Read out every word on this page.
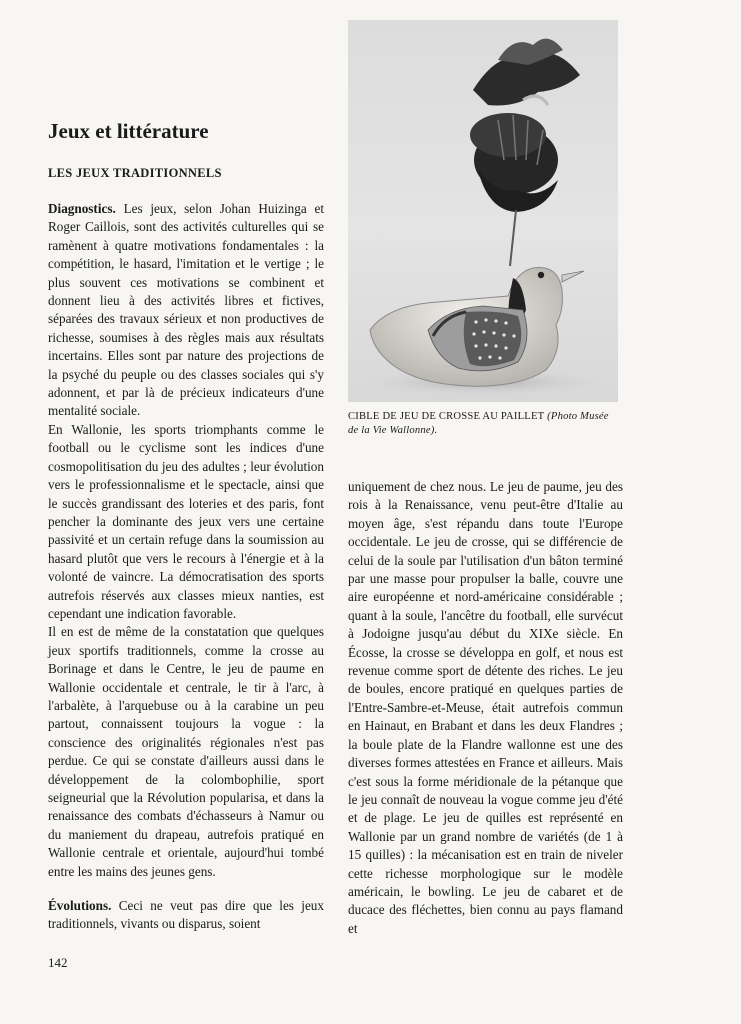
Jeux et littérature
LES JEUX TRADITIONNELS

Diagnostics. Les jeux, selon Johan Huizinga et Roger Caillois, sont des activités culturelles qui se ramènent à quatre motivations fondamentales : la compétition, le hasard, l'imitation et le vertige ; le plus souvent ces motivations se combinent et donnent lieu à des activités libres et fictives, séparées des travaux sérieux et non productives de richesse, soumises à des règles mais aux résultats incertains. Elles sont par nature des projections de la psyché du peuple ou des classes sociales qui s'y adonnent, et par là de précieux indicateurs d'une mentalité sociale.

En Wallonie, les sports triomphants comme le football ou le cyclisme sont les indices d'une cosmopolitisation du jeu des adultes ; leur évolution vers le professionnalisme et le spectacle, ainsi que le succès grandissant des loteries et des paris, font pencher la dominante des jeux vers une certaine passivité et un certain refuge dans la soumission au hasard plutôt que vers le recours à l'énergie et à la volonté de vaincre. La démocratisation des sports autrefois réservés aux classes mieux nanties, est cependant une indication favorable.

Il en est de même de la constatation que quelques jeux sportifs traditionnels, comme la crosse au Borinage et dans le Centre, le jeu de paume en Wallonie occidentale et centrale, le tir à l'arc, à l'arbalète, à l'arquebuse ou à la carabine un peu partout, connaissent toujours la vogue : la conscience des originalités régionales n'est pas perdue. Ce qui se constate d'ailleurs aussi dans le développement de la colombophilie, sport seigneurial que la Révolution popularisa, et dans la renaissance des combats d'échasseurs à Namur ou du maniement du drapeau, autrefois pratiqué en Wallonie centrale et orientale, aujourd'hui tombé entre les mains des jeunes gens.

Évolutions. Ceci ne veut pas dire que les jeux traditionnels, vivants ou disparus, soient

CIBLE DE JEU DE CROSSE AU PAILLET (Photo Musée de la Vie Wallonne).

uniquement de chez nous. Le jeu de paume, jeu des rois à la Renaissance, venu peut-être d'Italie au moyen âge, s'est répandu dans toute l'Europe occidentale. Le jeu de crosse, qui se différencie de celui de la soule par l'utilisation d'un bâton terminé par une masse pour propulser la balle, couvre une aire européenne et nord-américaine considérable ; quant à la soule, l'ancêtre du football, elle survécut à Jodoigne jusqu'au début du XIXe siècle. En Écosse, la crosse se développa en golf, et nous est revenue comme sport de détente des riches. Le jeu de boules, encore pratiqué en quelques parties de l'Entre-Sambre-et-Meuse, était autrefois commun en Hainaut, en Brabant et dans les deux Flandres ; la boule plate de la Flandre wallonne est une des diverses formes attestées en France et ailleurs. Mais c'est sous la forme méridionale de la pétanque que le jeu connaît de nouveau la vogue comme jeu d'été et de plage. Le jeu de quilles est représenté en Wallonie par un grand nombre de variétés (de 1 à 15 quilles) : la mécanisation est en train de niveler cette richesse morphologique sur le modèle américain, le bowling. Le jeu de cabaret et de ducace des fléchettes, bien connu au pays flamand et

142
